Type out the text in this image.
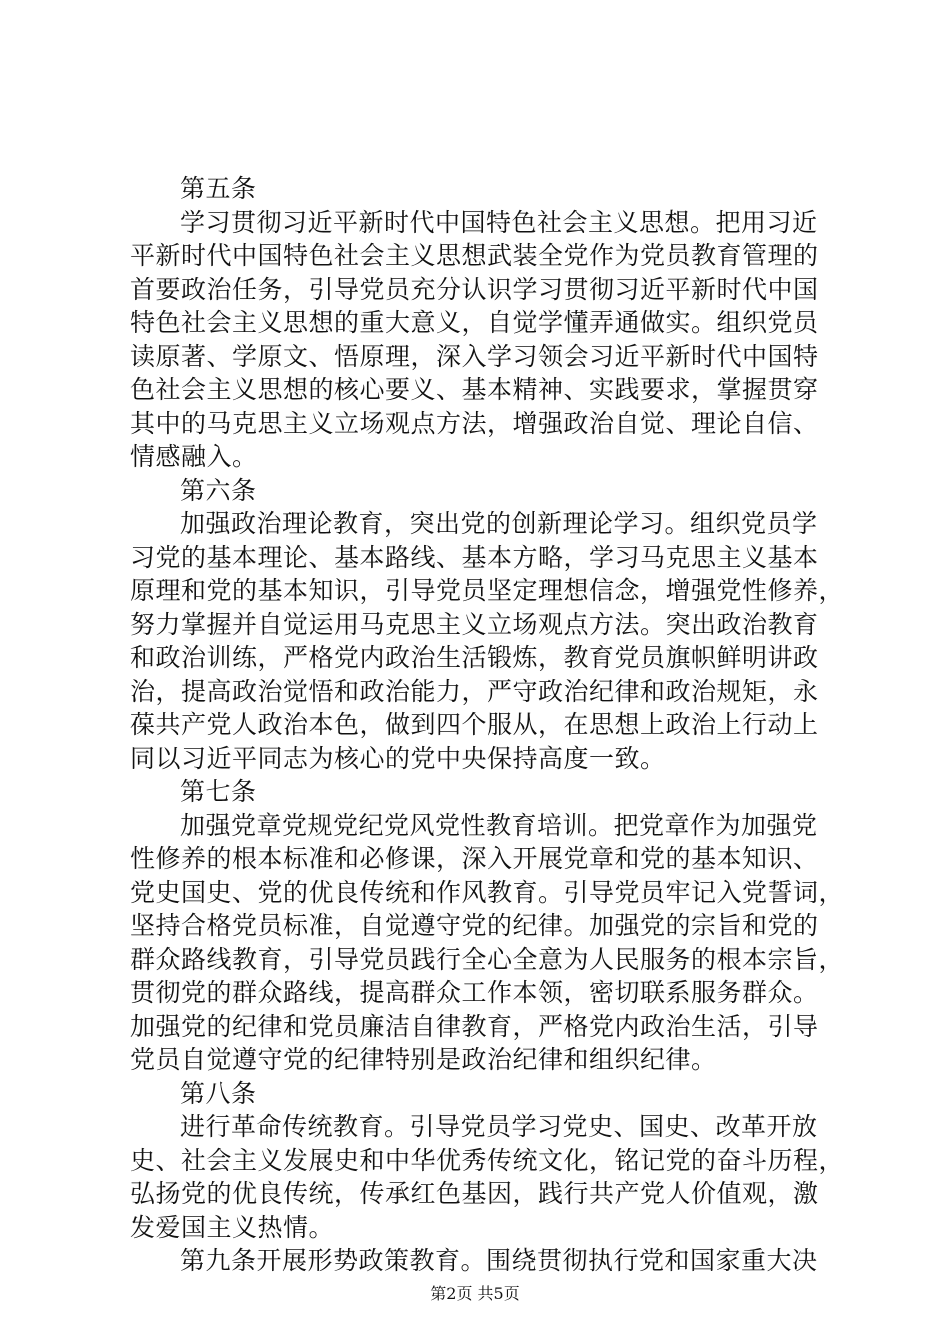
第五条
学习贯彻习近平新时代中国特色社会主义思想。把用习近
平新时代中国特色社会主义思想武装全党作为党员教育管理的
首要政治任务，引导党员充分认识学习贯彻习近平新时代中国
特色社会主义思想的重大意义，自觉学懂弄通做实。组织党员
读原著、学原文、悟原理，深入学习领会习近平新时代中国特
色社会主义思想的核心要义、基本精神、实践要求，掌握贯穿
其中的马克思主义立场观点方法，增强政治自觉、理论自信、
情感融入。
第六条
加强政治理论教育，突出党的创新理论学习。组织党员学
习党的基本理论、基本路线、基本方略，学习马克思主义基本
原理和党的基本知识，引导党员坚定理想信念，增强党性修养，
努力掌握并自觉运用马克思主义立场观点方法。突出政治教育
和政治训练，严格党内政治生活锻炼，教育党员旗帜鲜明讲政
治，提高政治觉悟和政治能力，严守政治纪律和政治规矩，永
葆共产党人政治本色，做到四个服从，在思想上政治上行动上
同以习近平同志为核心的党中央保持高度一致。
第七条
加强党章党规党纪党风党性教育培训。把党章作为加强党
性修养的根本标准和必修课，深入开展党章和党的基本知识、
党史国史、党的优良传统和作风教育。引导党员牢记入党誓词，
坚持合格党员标准，自觉遵守党的纪律。加强党的宗旨和党的
群众路线教育，引导党员践行全心全意为人民服务的根本宗旨，
贯彻党的群众路线，提高群众工作本领，密切联系服务群众。
加强党的纪律和党员廉洁自律教育，严格党内政治生活，引导
党员自觉遵守党的纪律特别是政治纪律和组织纪律。
第八条
进行革命传统教育。引导党员学习党史、国史、改革开放
史、社会主义发展史和中华优秀传统文化，铭记党的奋斗历程，
弘扬党的优良传统，传承红色基因，践行共产党人价值观，激
发爱国主义热情。
第九条开展形势政策教育。围绕贯彻执行党和国家重大决
第2页 共5页
